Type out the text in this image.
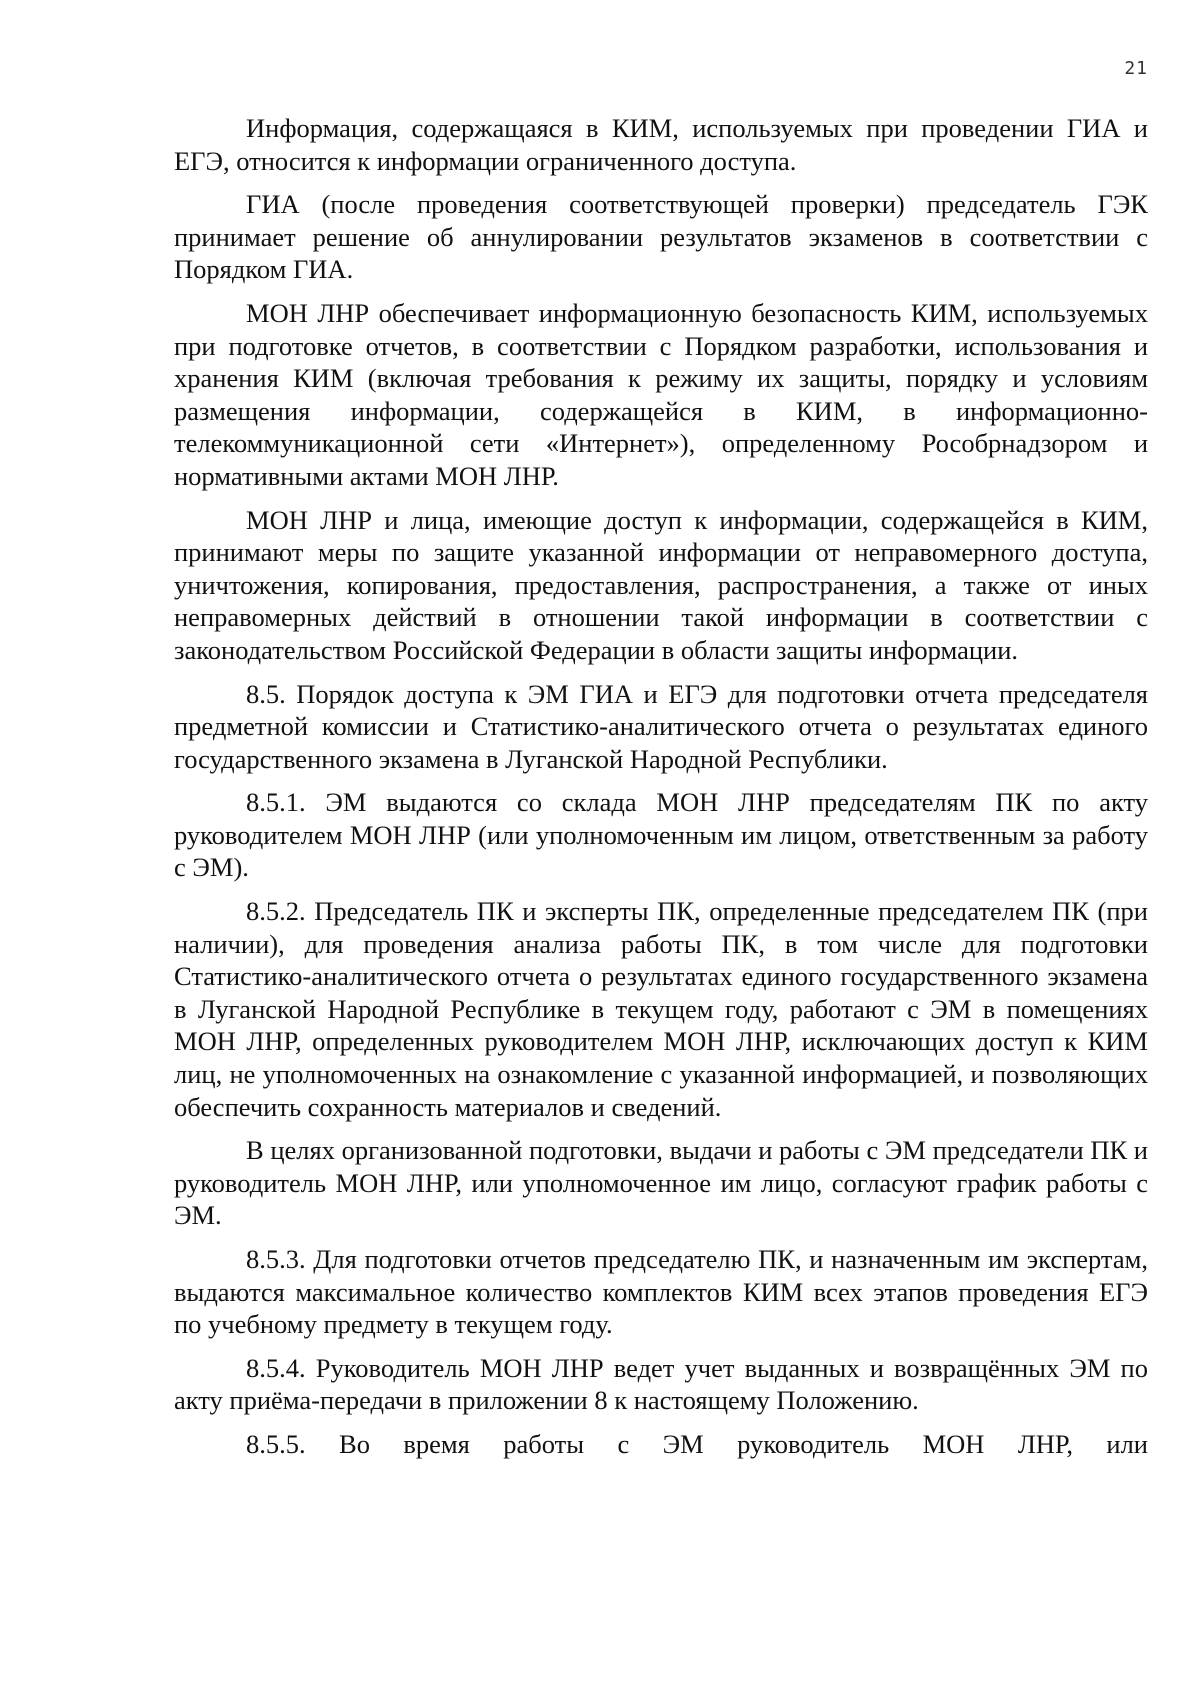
21

Информация, содержащаяся в КИМ, используемых при проведении ГИА и ЕГЭ, относится к информации ограниченного доступа.

ГИА (после проведения соответствующей проверки) председатель ГЭК принимает решение об аннулировании результатов экзаменов в соответствии с Порядком ГИА.

МОН ЛНР обеспечивает информационную безопасность КИМ, используемых при подготовке отчетов, в соответствии с Порядком разработки, использования и хранения КИМ (включая требования к режиму их защиты, порядку и условиям размещения информации, содержащейся в КИМ, в информационно-телекоммуникационной сети «Интернет»), определенному Рособрнадзором и нормативными актами МОН ЛНР.

МОН ЛНР и лица, имеющие доступ к информации, содержащейся в КИМ, принимают меры по защите указанной информации от неправомерного доступа, уничтожения, копирования, предоставления, распространения, а также от иных неправомерных действий в отношении такой информации в соответствии с законодательством Российской Федерации в области защиты информации.

8.5. Порядок доступа к ЭМ ГИА и ЕГЭ для подготовки отчета председателя предметной комиссии и Статистико-аналитического отчета о результатах единого государственного экзамена в Луганской Народной Республики.

8.5.1. ЭМ выдаются со склада МОН ЛНР председателям ПК по акту руководителем МОН ЛНР (или уполномоченным им лицом, ответственным за работу с ЭМ).

8.5.2. Председатель ПК и эксперты ПК, определенные председателем ПК (при наличии), для проведения анализа работы ПК, в том числе для подготовки Статистико-аналитического отчета о результатах единого государственного экзамена в Луганской Народной Республике в текущем году, работают с ЭМ в помещениях МОН ЛНР, определенных руководителем МОН ЛНР, исключающих доступ к КИМ лиц, не уполномоченных на ознакомление с указанной информацией, и позволяющих обеспечить сохранность материалов и сведений.

В целях организованной подготовки, выдачи и работы с ЭМ председатели ПК и руководитель МОН ЛНР, или уполномоченное им лицо, согласуют график работы с ЭМ.

8.5.3. Для подготовки отчетов председателю ПК, и назначенным им экспертам, выдаются максимальное количество комплектов КИМ всех этапов проведения ЕГЭ по учебному предмету в текущем году.

8.5.4. Руководитель МОН ЛНР ведет учет выданных и возвращённых ЭМ по акту приёма-передачи в приложении 8 к настоящему Положению.

8.5.5. Во время работы с ЭМ руководитель МОН ЛНР, или
